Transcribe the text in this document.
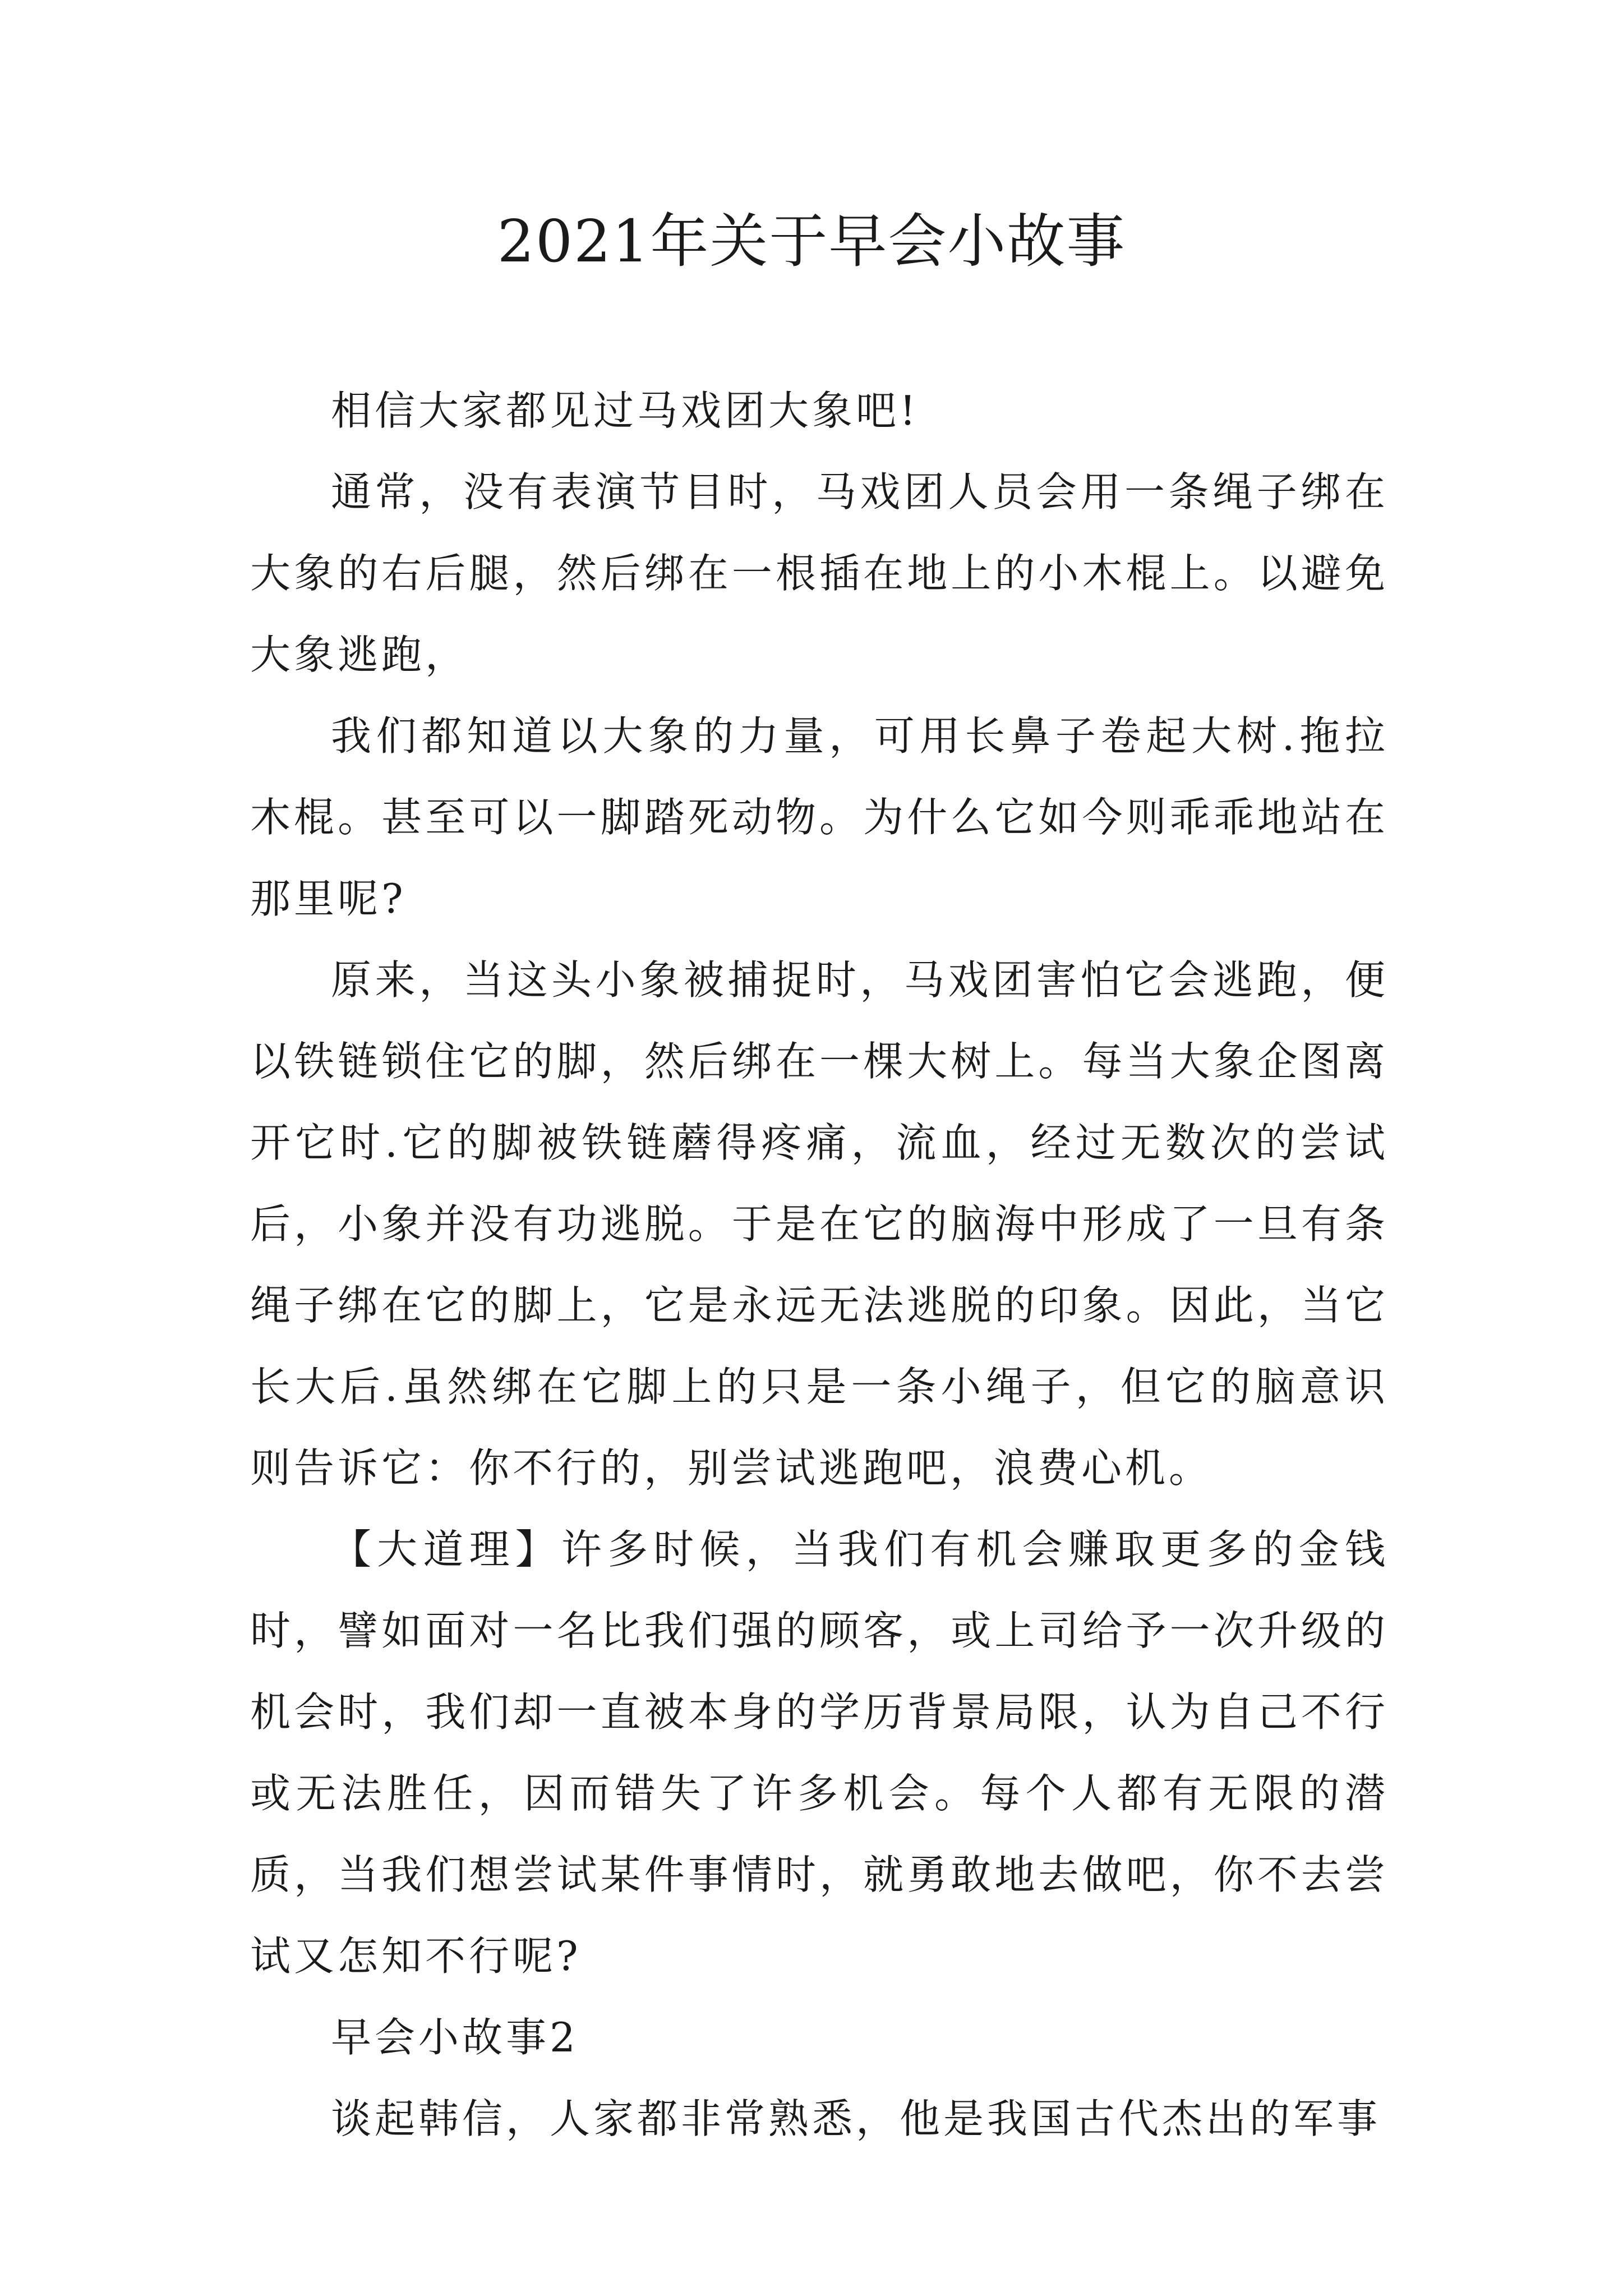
2021年关于早会小故事

相信大家都见过马戏团大象吧!

通常，没有表演节目时，马戏团人员会用一条绳子绑在大象的右后腿，然后绑在一根插在地上的小木棍上。以避免大象逃跑，

我们都知道以大象的力量，可用长鼻子卷起大树.拖拉木棍。甚至可以一脚踏死动物。为什么它如今则乖乖地站在那里呢?

原来，当这头小象被捕捉时，马戏团害怕它会逃跑，便以铁链锁住它的脚，然后绑在一棵大树上。每当大象企图离开它时.它的脚被铁链蘑得疼痛，流血，经过无数次的尝试后，小象并没有功逃脱。于是在它的脑海中形成了一旦有条绳子绑在它的脚上，它是永远无法逃脱的印象。因此，当它长大后.虽然绑在它脚上的只是一条小绳子，但它的脑意识则告诉它：你不行的，别尝试逃跑吧，浪费心机。

【大道理】许多时候，当我们有机会赚取更多的金钱时，譬如面对一名比我们强的顾客，或上司给予一次升级的机会时，我们却一直被本身的学历背景局限，认为自己不行或无法胜任，因而错失了许多机会。每个人都有无限的潜质，当我们想尝试某件事情时，就勇敢地去做吧，你不去尝试又怎知不行呢?

早会小故事2

谈起韩信，人家都非常熟悉，他是我国古代杰出的军事
